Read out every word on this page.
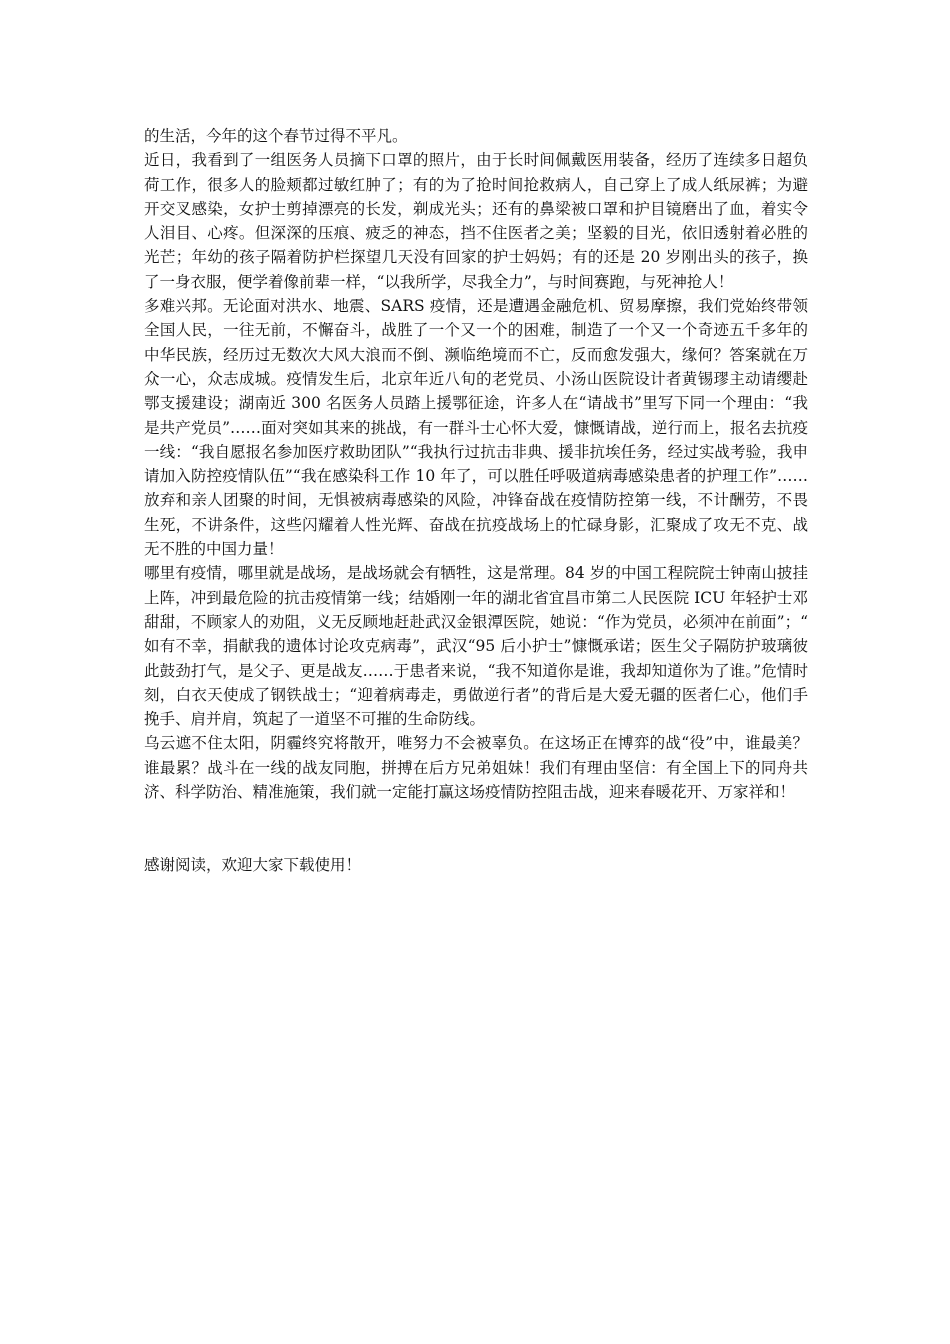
的生活，今年的这个春节过得不平凡。

近日，我看到了一组医务人员摘下口罩的照片，由于长时间佩戴医用装备，经历了连续多日超负荷工作，很多人的脸颊都过敏红肿了；有的为了抢时间抢救病人，自己穿上了成人纸尿裤；为避开交叉感染，女护士剪掉漂亮的长发，剃成光头；还有的鼻梁被口罩和护目镜磨出了血，着实令人泪目、心疼。但深深的压痕、疲乏的神态，挡不住医者之美；坚毅的目光，依旧透射着必胜的光芒；年幼的孩子隔着防护栏探望几天没有回家的护士妈妈；有的还是 20 岁刚出头的孩子，换了一身衣服，便学着像前辈一样，“以我所学，尽我全力”，与时间赛跑，与死神抢人！

多难兴邦。无论面对洪水、地震、SARS 疫情，还是遭遇金融危机、贸易摩擦，我们党始终带领全国人民，一往无前，不懈奋斗，战胜了一个又一个的困难，制造了一个又一个奇迹五千多年的中华民族，经历过无数次大风大浪而不倒、濒临绝境而不亡，反而愈发强大，缘何？答案就在万众一心，众志成城。疫情发生后，北京年近八旬的老党员、小汤山医院设计者黄锡璆主动请缨赴鄂支援建设；湖南近 300 名医务人员踏上援鄂征途，许多人在“请战书”里写下同一个理由：“我是共产党员”……面对突如其来的挑战，有一群斗士心怀大爱，慷慨请战，逆行而上，报名去抗疫一线：“我自愿报名参加医疗救助团队”“我执行过抗击非典、援非抗埃任务，经过实战考验，我申请加入防控疫情队伍”“我在感染科工作 10 年了，可以胜任呼吸道病毒感染患者的护理工作”……放弃和亲人团聚的时间，无惧被病毒感染的风险，冲锋奋战在疫情防控第一线，不计酬劳，不畏生死，不讲条件，这些闪耀着人性光辉、奋战在抗疫战场上的忙碌身影，汇聚成了攻无不克、战无不胜的中国力量！

哪里有疫情，哪里就是战场，是战场就会有牺牲，这是常理。84 岁的中国工程院院士钟南山披挂上阵，冲到最危险的抗击疫情第一线；结婚刚一年的湖北省宜昌市第二人民医院 ICU 年轻护士邓甜甜，不顾家人的劝阻，义无反顾地赶赴武汉金银潭医院，她说：“作为党员，必须冲在前面”；“如有不幸，捐献我的遗体讨论攻克病毒”，武汉“95 后小护士”慷慨承诺；医生父子隔防护玻璃彼此鼓劲打气，是父子、更是战友……于患者来说，“我不知道你是谁，我却知道你为了谁。”危情时刻，白衣天使成了钢铁战士；“迎着病毒走，勇做逆行者”的背后是大爱无疆的医者仁心，他们手挽手、肩并肩，筑起了一道坚不可摧的生命防线。

乌云遮不住太阳，阴霾终究将散开，唯努力不会被辜负。在这场正在博弈的战“役”中，谁最美？谁最累？战斗在一线的战友同胞，拼搏在后方兄弟姐妹！我们有理由坚信：有全国上下的同舟共济、科学防治、精准施策，我们就一定能打赢这场疫情防控阻击战，迎来春暖花开、万家祥和！

感谢阅读，欢迎大家下载使用！
